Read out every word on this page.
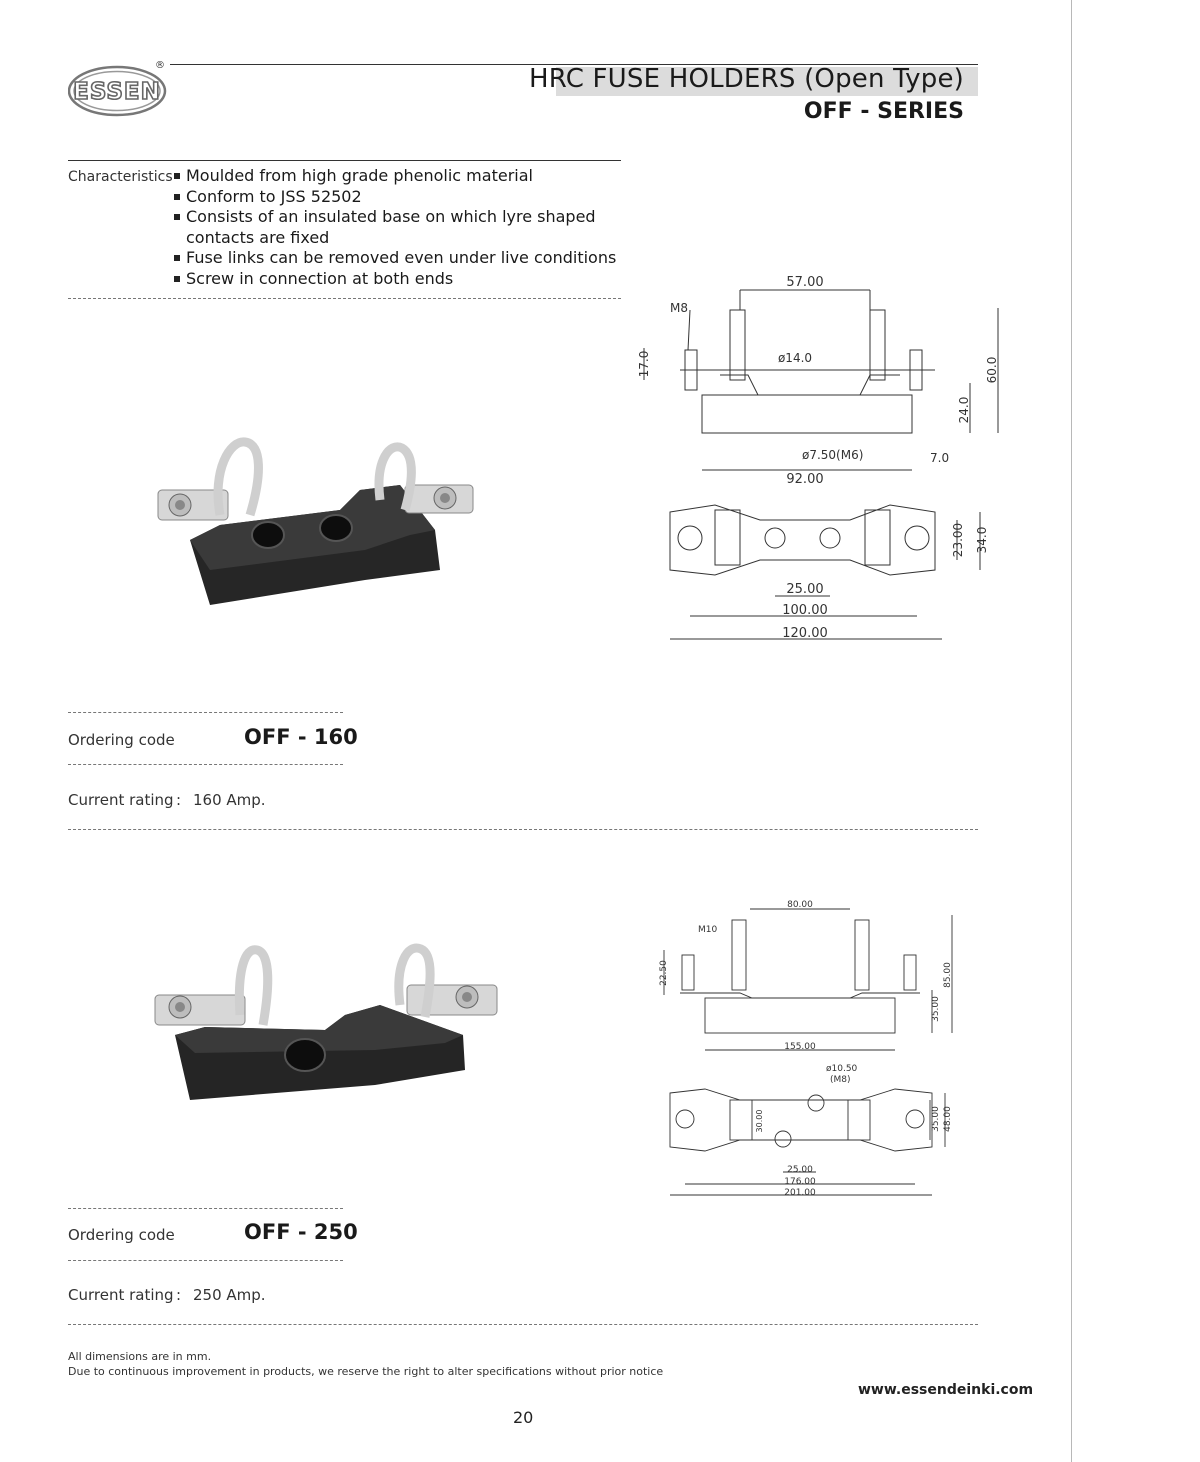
ESSEN
®	HRC FUSE HOLDERS (Open Type)
OFF - SERIES
Characteristics Moulded from high grade phenolic material
Conform to JSS 52502
Consists of an insulated base on which lyre shaped contacts are fixed
Fuse links can be removed even under live conditions
Screw in connection at both ends	57.00
M8
ø14.0
17.0	60.0
24.0
7.0
ø7.50(M6)
92.00
23.00 34.0
25.00
100.00
120.00
Ordering code	OFF - 160
Current rating : 160 Amp.
80.00
M10
22.50	85.00
35.00
155.00
ø10.50
(M8)
30.00	35.00 48.00
25.00
176.00
201.00
Ordering code	OFF - 250
Current rating : 250 Amp.
All dimensions are in mm.
Due to continuous improvement in products, we reserve the right to alter specifications without prior notice
www.essendeinki.com
20
